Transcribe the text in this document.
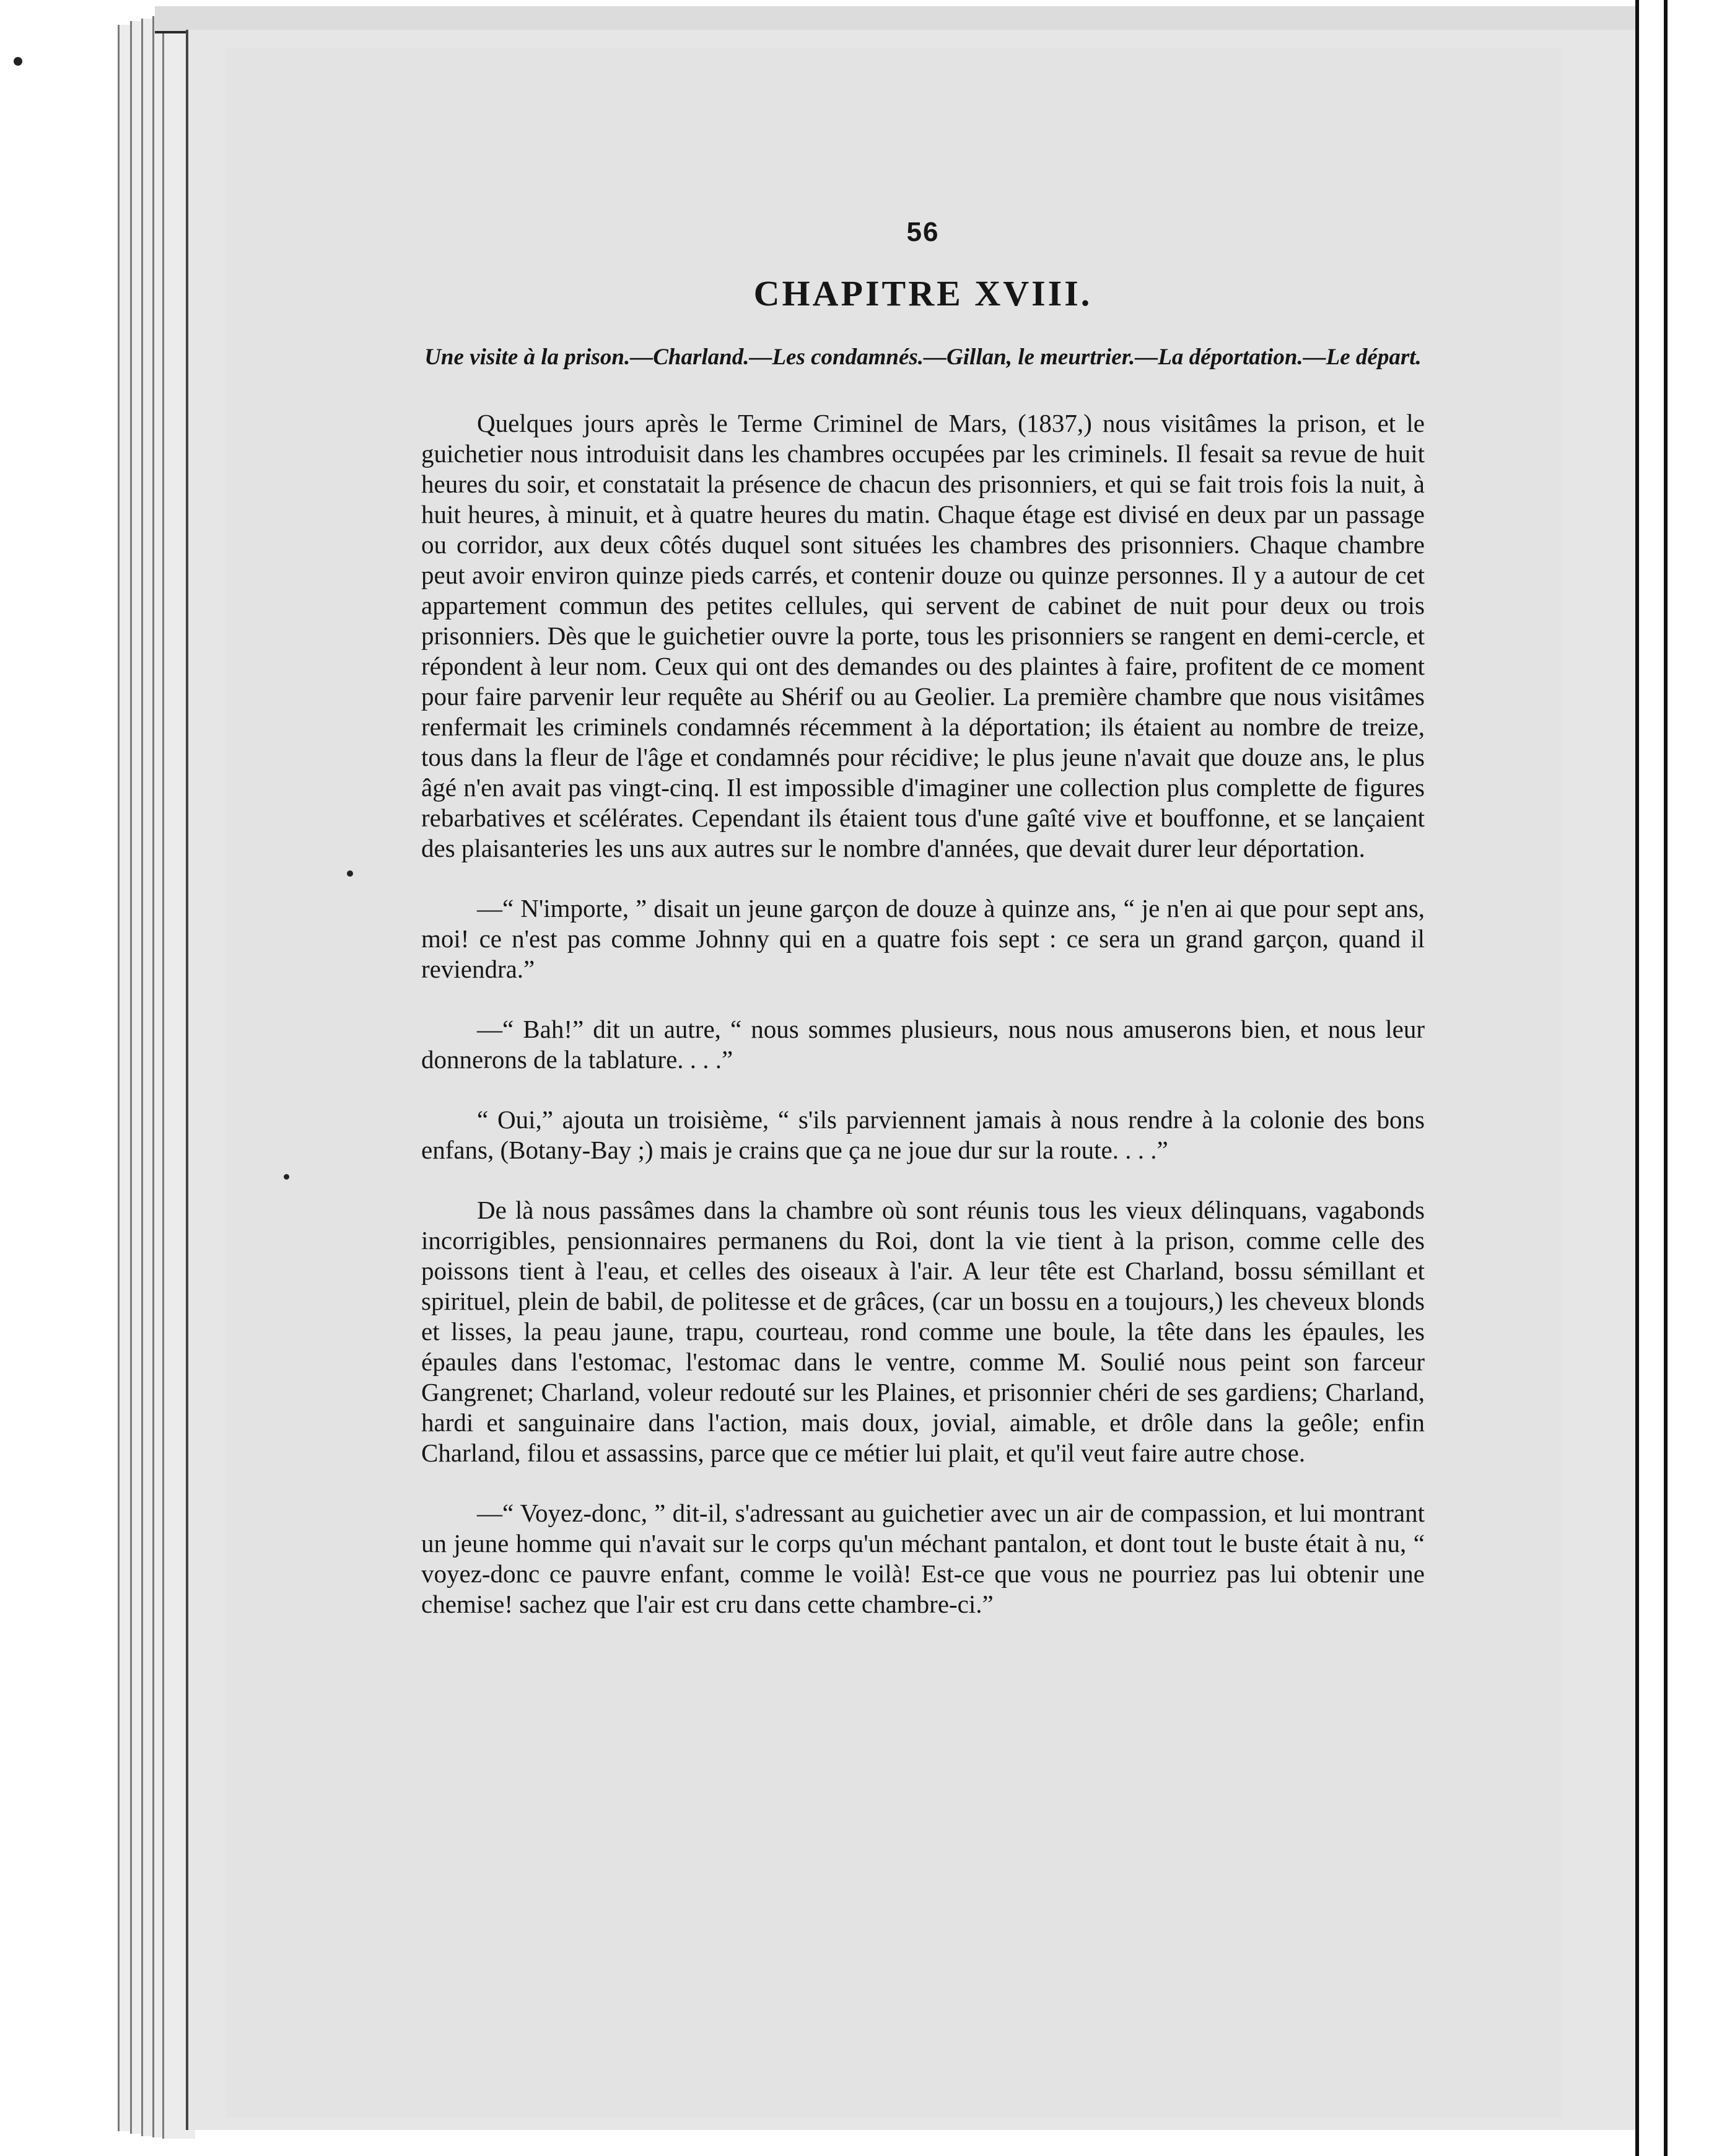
56
CHAPITRE XVIII.
Une visite à la prison.—Charland.—Les condamnés.—Gillan, le meurtrier.—La déportation.—Le départ.

Quelques jours après le Terme Criminel de Mars, (1837,) nous visitâmes la prison, et le guichetier nous introduisit dans les chambres occupées par les criminels. Il fesait sa revue de huit heures du soir, et constatait la présence de chacun des prisonniers, et qui se fait trois fois la nuit, à huit heures, à minuit, et à quatre heures du matin. Chaque étage est divisé en deux par un passage ou corridor, aux deux côtés duquel sont situées les chambres des prisonniers. Chaque chambre peut avoir environ quinze pieds carrés, et contenir douze ou quinze personnes. Il y a autour de cet appartement commun des petites cellules, qui servent de cabinet de nuit pour deux ou trois prisonniers. Dès que le guichetier ouvre la porte, tous les prisonniers se rangent en demi-cercle, et répondent à leur nom. Ceux qui ont des demandes ou des plaintes à faire, profitent de ce moment pour faire parvenir leur requête au Shérif ou au Geolier. La première chambre que nous visitâmes renfermait les criminels condamnés récemment à la déportation; ils étaient au nombre de treize, tous dans la fleur de l'âge et condamnés pour récidive; le plus jeune n'avait que douze ans, le plus âgé n'en avait pas vingt-cinq. Il est impossible d'imaginer une collection plus complette de figures rebarbatives et scélérates. Cependant ils étaient tous d'une gaîté vive et bouffonne, et se lançaient des plaisanteries les uns aux autres sur le nombre d'années, que devait durer leur déportation.

—“ N'importe, ” disait un jeune garçon de douze à quinze ans, “ je n'en ai que pour sept ans, moi! ce n'est pas comme Johnny qui en a quatre fois sept : ce sera un grand garçon, quand il reviendra.”

—“ Bah!” dit un autre, “ nous sommes plusieurs, nous nous amuserons bien, et nous leur donnerons de la tablature. . . .”

“ Oui,” ajouta un troisième, “ s'ils parviennent jamais à nous rendre à la colonie des bons enfans, (Botany-Bay ;) mais je crains que ça ne joue dur sur la route. . . .”

De là nous passâmes dans la chambre où sont réunis tous les vieux délinquans, vagabonds incorrigibles, pensionnaires permanens du Roi, dont la vie tient à la prison, comme celle des poissons tient à l'eau, et celles des oiseaux à l'air. A leur tête est Charland, bossu sémillant et spirituel, plein de babil, de politesse et de grâces, (car un bossu en a toujours,) les cheveux blonds et lisses, la peau jaune, trapu, courteau, rond comme une boule, la tête dans les épaules, les épaules dans l'estomac, l'estomac dans le ventre, comme M. Soulié nous peint son farceur Gangrenet; Charland, voleur redouté sur les Plaines, et prisonnier chéri de ses gardiens; Charland, hardi et sanguinaire dans l'action, mais doux, jovial, aimable, et drôle dans la geôle; enfin Charland, filou et assassins, parce que ce métier lui plait, et qu'il veut faire autre chose.

—“ Voyez-donc, ” dit-il, s'adressant au guichetier avec un air de compassion, et lui montrant un jeune homme qui n'avait sur le corps qu'un méchant pantalon, et dont tout le buste était à nu, “ voyez-donc ce pauvre enfant, comme le voilà! Est-ce que vous ne pourriez pas lui obtenir une chemise! sachez que l'air est cru dans cette chambre-ci.”
